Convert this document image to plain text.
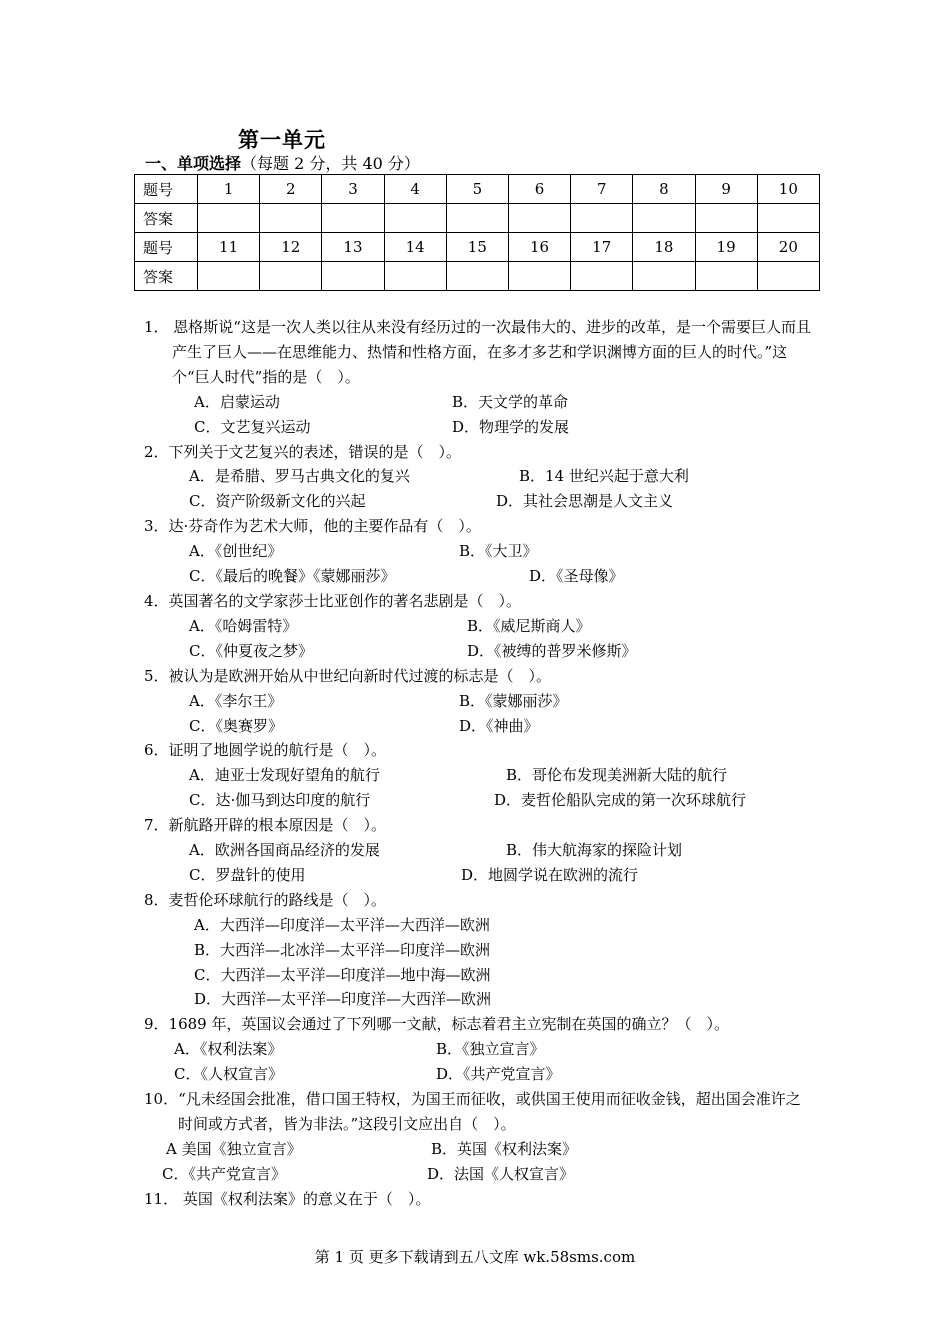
第一单元
一、单项选择（每题 2 分，共 40 分）
题号	1	2	3	4	5	6	7	8	9	10
答案										
题号	11	12	13	14	15	16	17	18	19	20
答案										
1． 恩格斯说“这是一次人类以往从来没有经历过的一次最伟大的、进步的改革，是一个需要巨人而且产生了巨人——在思维能力、热情和性格方面，在多才多艺和学识渊博方面的巨人的时代。”这个“巨人时代”指的是（　）。
A．启蒙运动	B．天文学的革命
C．文艺复兴运动	D．物理学的发展
2．下列关于文艺复兴的表述，错误的是（　）。
A．是希腊、罗马古典文化的复兴	B．14 世纪兴起于意大利
C．资产阶级新文化的兴起	D．其社会思潮是人文主义
3．达·芬奇作为艺术大师，他的主要作品有（　）。
A．《创世纪》	B．《大卫》
C．《最后的晚餐》《蒙娜丽莎》	D．《圣母像》
4．英国著名的文学家莎士比亚创作的著名悲剧是（　）。
A．《哈姆雷特》	B．《威尼斯商人》
C．《仲夏夜之梦》	D．《被缚的普罗米修斯》
5．被认为是欧洲开始从中世纪向新时代过渡的标志是（　）。
A．《李尔王》	B．《蒙娜丽莎》
C．《奥赛罗》	D．《神曲》
6．证明了地圆学说的航行是（　）。
A．迪亚士发现好望角的航行	B．哥伦布发现美洲新大陆的航行
C．达·伽马到达印度的航行	D．麦哲伦船队完成的第一次环球航行
7．新航路开辟的根本原因是（　）。
A．欧洲各国商品经济的发展	B．伟大航海家的探险计划
C．罗盘针的使用	D．地圆学说在欧洲的流行
8．麦哲伦环球航行的路线是（　）。
A．大西洋—印度洋—太平洋—大西洋—欧洲
B．大西洋—北冰洋—太平洋—印度洋—欧洲
C．大西洋—太平洋—印度洋—地中海—欧洲
D．大西洋—太平洋—印度洋—大西洋—欧洲
9．1689 年，英国议会通过了下列哪一文献，标志着君主立宪制在英国的确立？（　）。
A．《权利法案》	B．《独立宣言》
C．《人权宣言》	D．《共产党宣言》
10．“凡未经国会批准，借口国王特权，为国王而征收，或供国王使用而征收金钱，超出国会准许之时间或方式者，皆为非法。”这段引文应出自（　）。
A 美国《独立宣言》	B．英国《权利法案》
C．《共产党宣言》	D．法国《人权宣言》
11． 英国《权利法案》的意义在于（　）。
第 1 页 更多下载请到五八文库 wk.58sms.com
